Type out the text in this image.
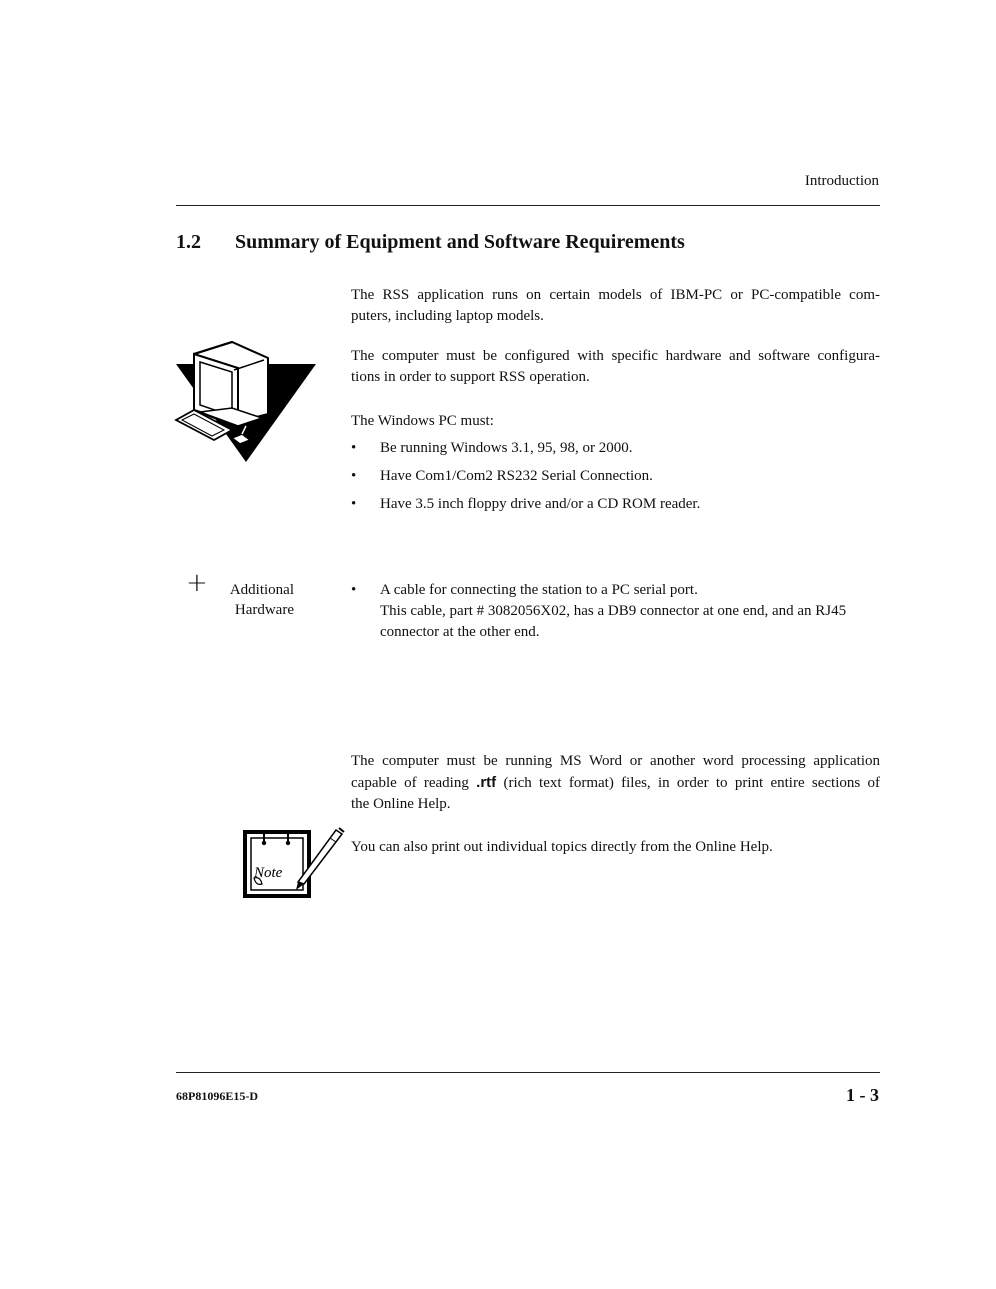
Introduction
1.2 Summary of Equipment and Software Requirements
The RSS application runs on certain models of IBM-PC or PC-compatible com-
puters, including laptop models.
The computer must be configured with specific hardware and software configura-
tions in order to support RSS operation.
The Windows PC must:
• Be running Windows 3.1, 95, 98, or 2000.
• Have Com1/Com2 RS232 Serial Connection.
• Have 3.5 inch floppy drive and/or a CD ROM reader.
+	Additional
Hardware
• A cable for connecting the station to a PC serial port.
This cable, part # 3082056X02, has a DB9 connector at one end, and an RJ45
connector at the other end.
The computer must be running MS Word or another word processing application
capable of reading .rtf (rich text format) files, in order to print entire sections of
the Online Help.
Note
You can also print out individual topics directly from the Online Help.
68P81096E15-D	1 - 3
